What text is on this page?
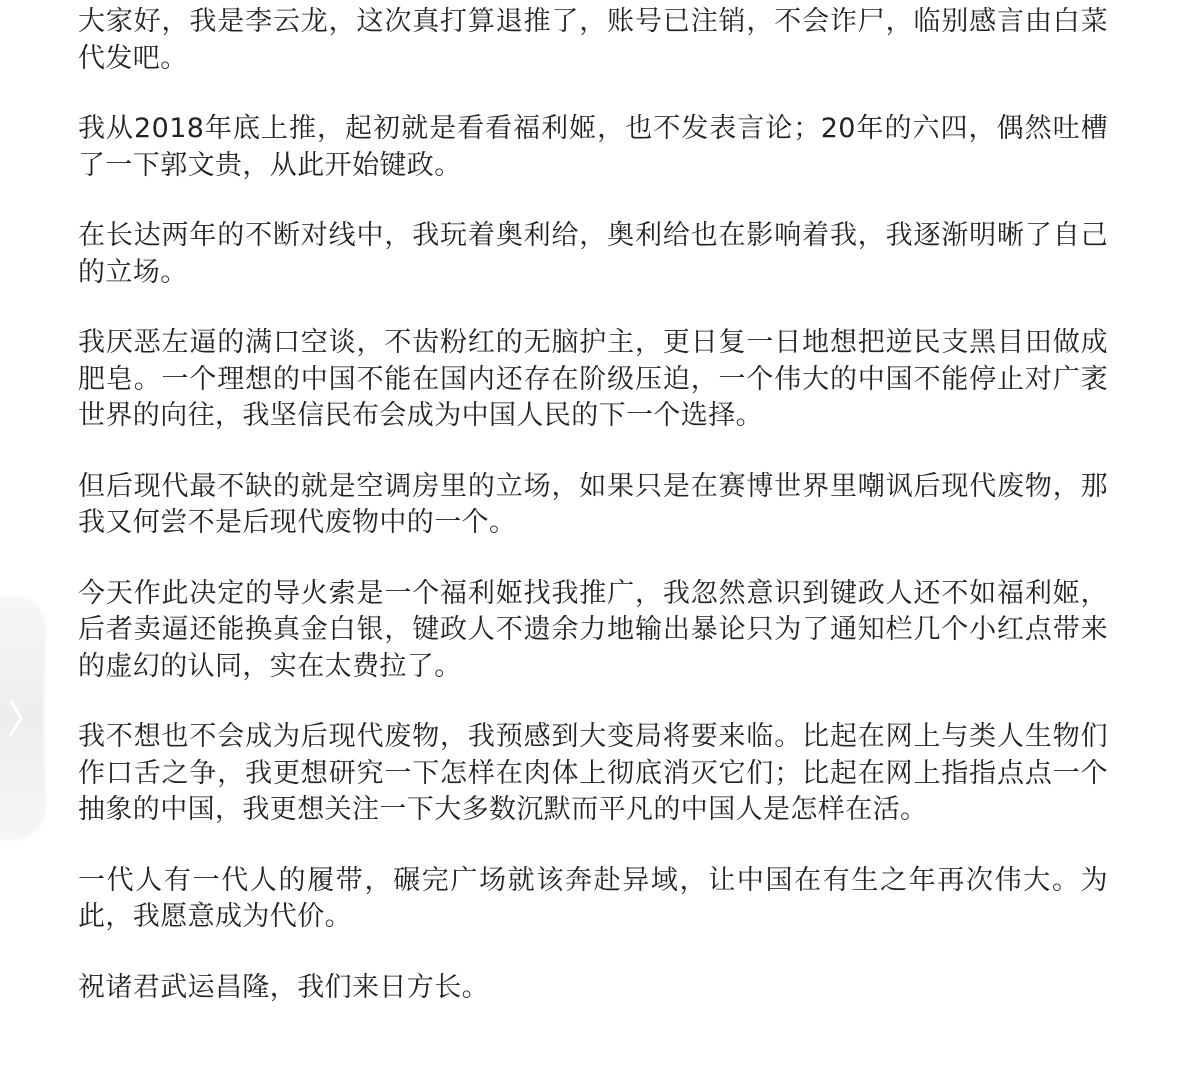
大家好，我是李云龙，这次真打算退推了，账号已注销，不会诈尸，临别感言由白菜代发吧。

我从2018年底上推，起初就是看看福利姬，也不发表言论；20年的六四，偶然吐槽了一下郭文贵，从此开始键政。

在长达两年的不断对线中，我玩着奥利给，奥利给也在影响着我，我逐渐明晰了自己的立场。

我厌恶左逼的满口空谈，不齿粉红的无脑护主，更日复一日地想把逆民支黑目田做成肥皂。一个理想的中国不能在国内还存在阶级压迫，一个伟大的中国不能停止对广袤世界的向往，我坚信民布会成为中国人民的下一个选择。

但后现代最不缺的就是空调房里的立场，如果只是在赛博世界里嘲讽后现代废物，那我又何尝不是后现代废物中的一个。

今天作此决定的导火索是一个福利姬找我推广，我忽然意识到键政人还不如福利姬，后者卖逼还能换真金白银，键政人不遗余力地输出暴论只为了通知栏几个小红点带来的虚幻的认同，实在太费拉了。

我不想也不会成为后现代废物，我预感到大变局将要来临。比起在网上与类人生物们作口舌之争，我更想研究一下怎样在肉体上彻底消灭它们；比起在网上指指点点一个抽象的中国，我更想关注一下大多数沉默而平凡的中国人是怎样在活。

一代人有一代人的履带，碾完广场就该奔赴异域，让中国在有生之年再次伟大。为此，我愿意成为代价。

祝诸君武运昌隆，我们来日方长。
